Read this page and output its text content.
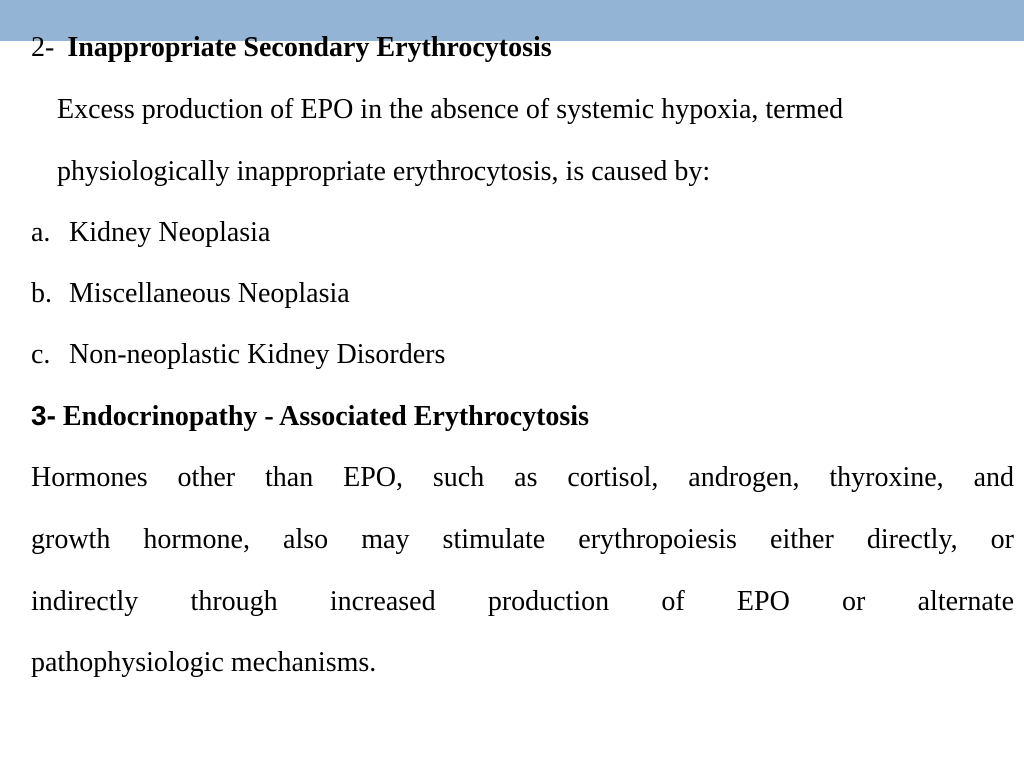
2- Inappropriate Secondary Erythrocytosis
Excess production of EPO in the absence of systemic hypoxia, termed
physiologically inappropriate erythrocytosis, is caused by:
a. Kidney Neoplasia
b. Miscellaneous Neoplasia
c. Non-neoplastic Kidney Disorders
3- Endocrinopathy - Associated Erythrocytosis
Hormones other than EPO, such as cortisol, androgen, thyroxine, and
growth hormone, also may stimulate erythropoiesis either directly, or
indirectly through increased production of EPO or alternate
pathophysiologic mechanisms.
